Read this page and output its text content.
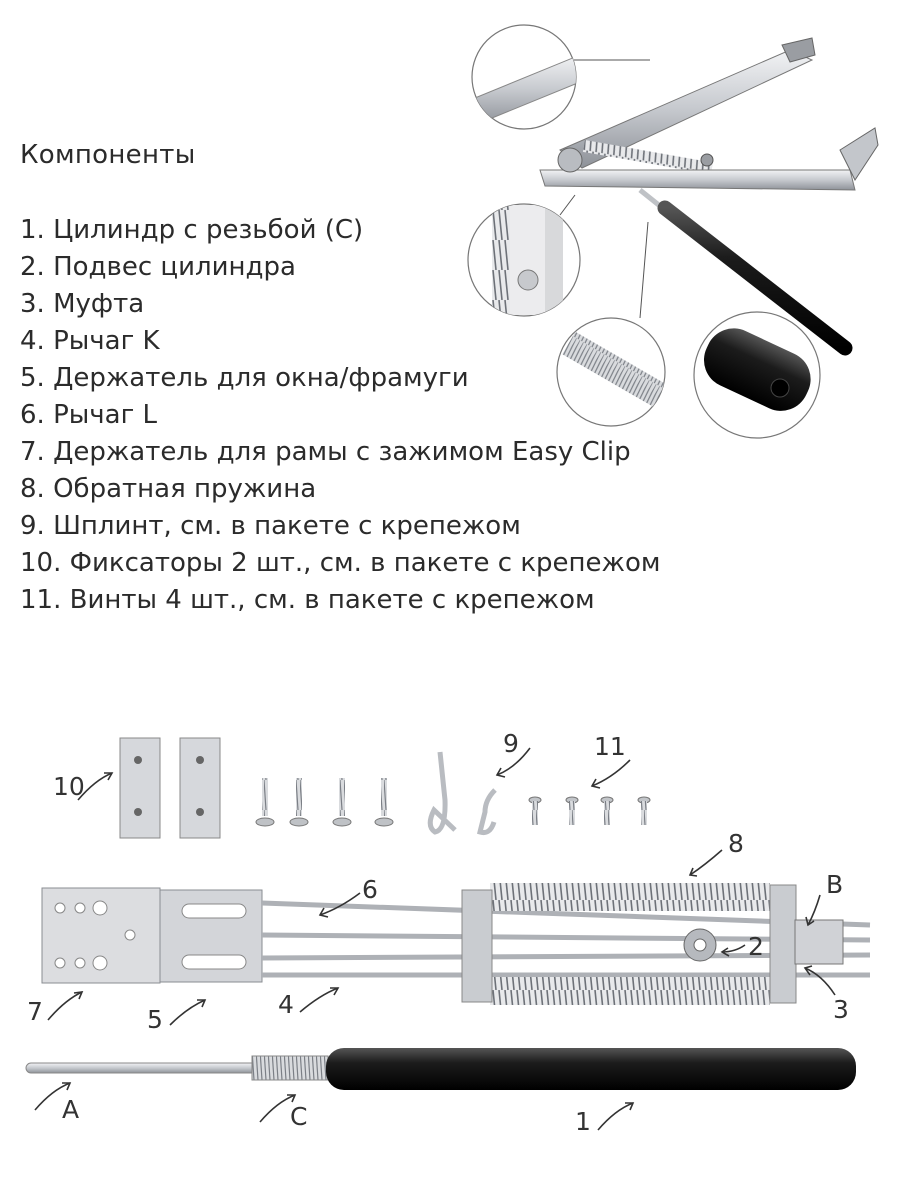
Компоненты
1. Цилиндр с резьбой (C)
2. Подвес цилиндра
3. Муфта
4. Рычаг K
5. Держатель для окна/фрамуги
6. Рычаг L
7. Держатель для рамы с зажимом Easy Clip
8. Обратная пружина
9. Шплинт, см. в пакете с крепежом
10. Фиксаторы 2 шт., см. в пакете с крепежом
11. Винты 4 шт., см. в пакете с крепежом
10
9	11
8
6	B
2
3
7	5
4
A	C	1
